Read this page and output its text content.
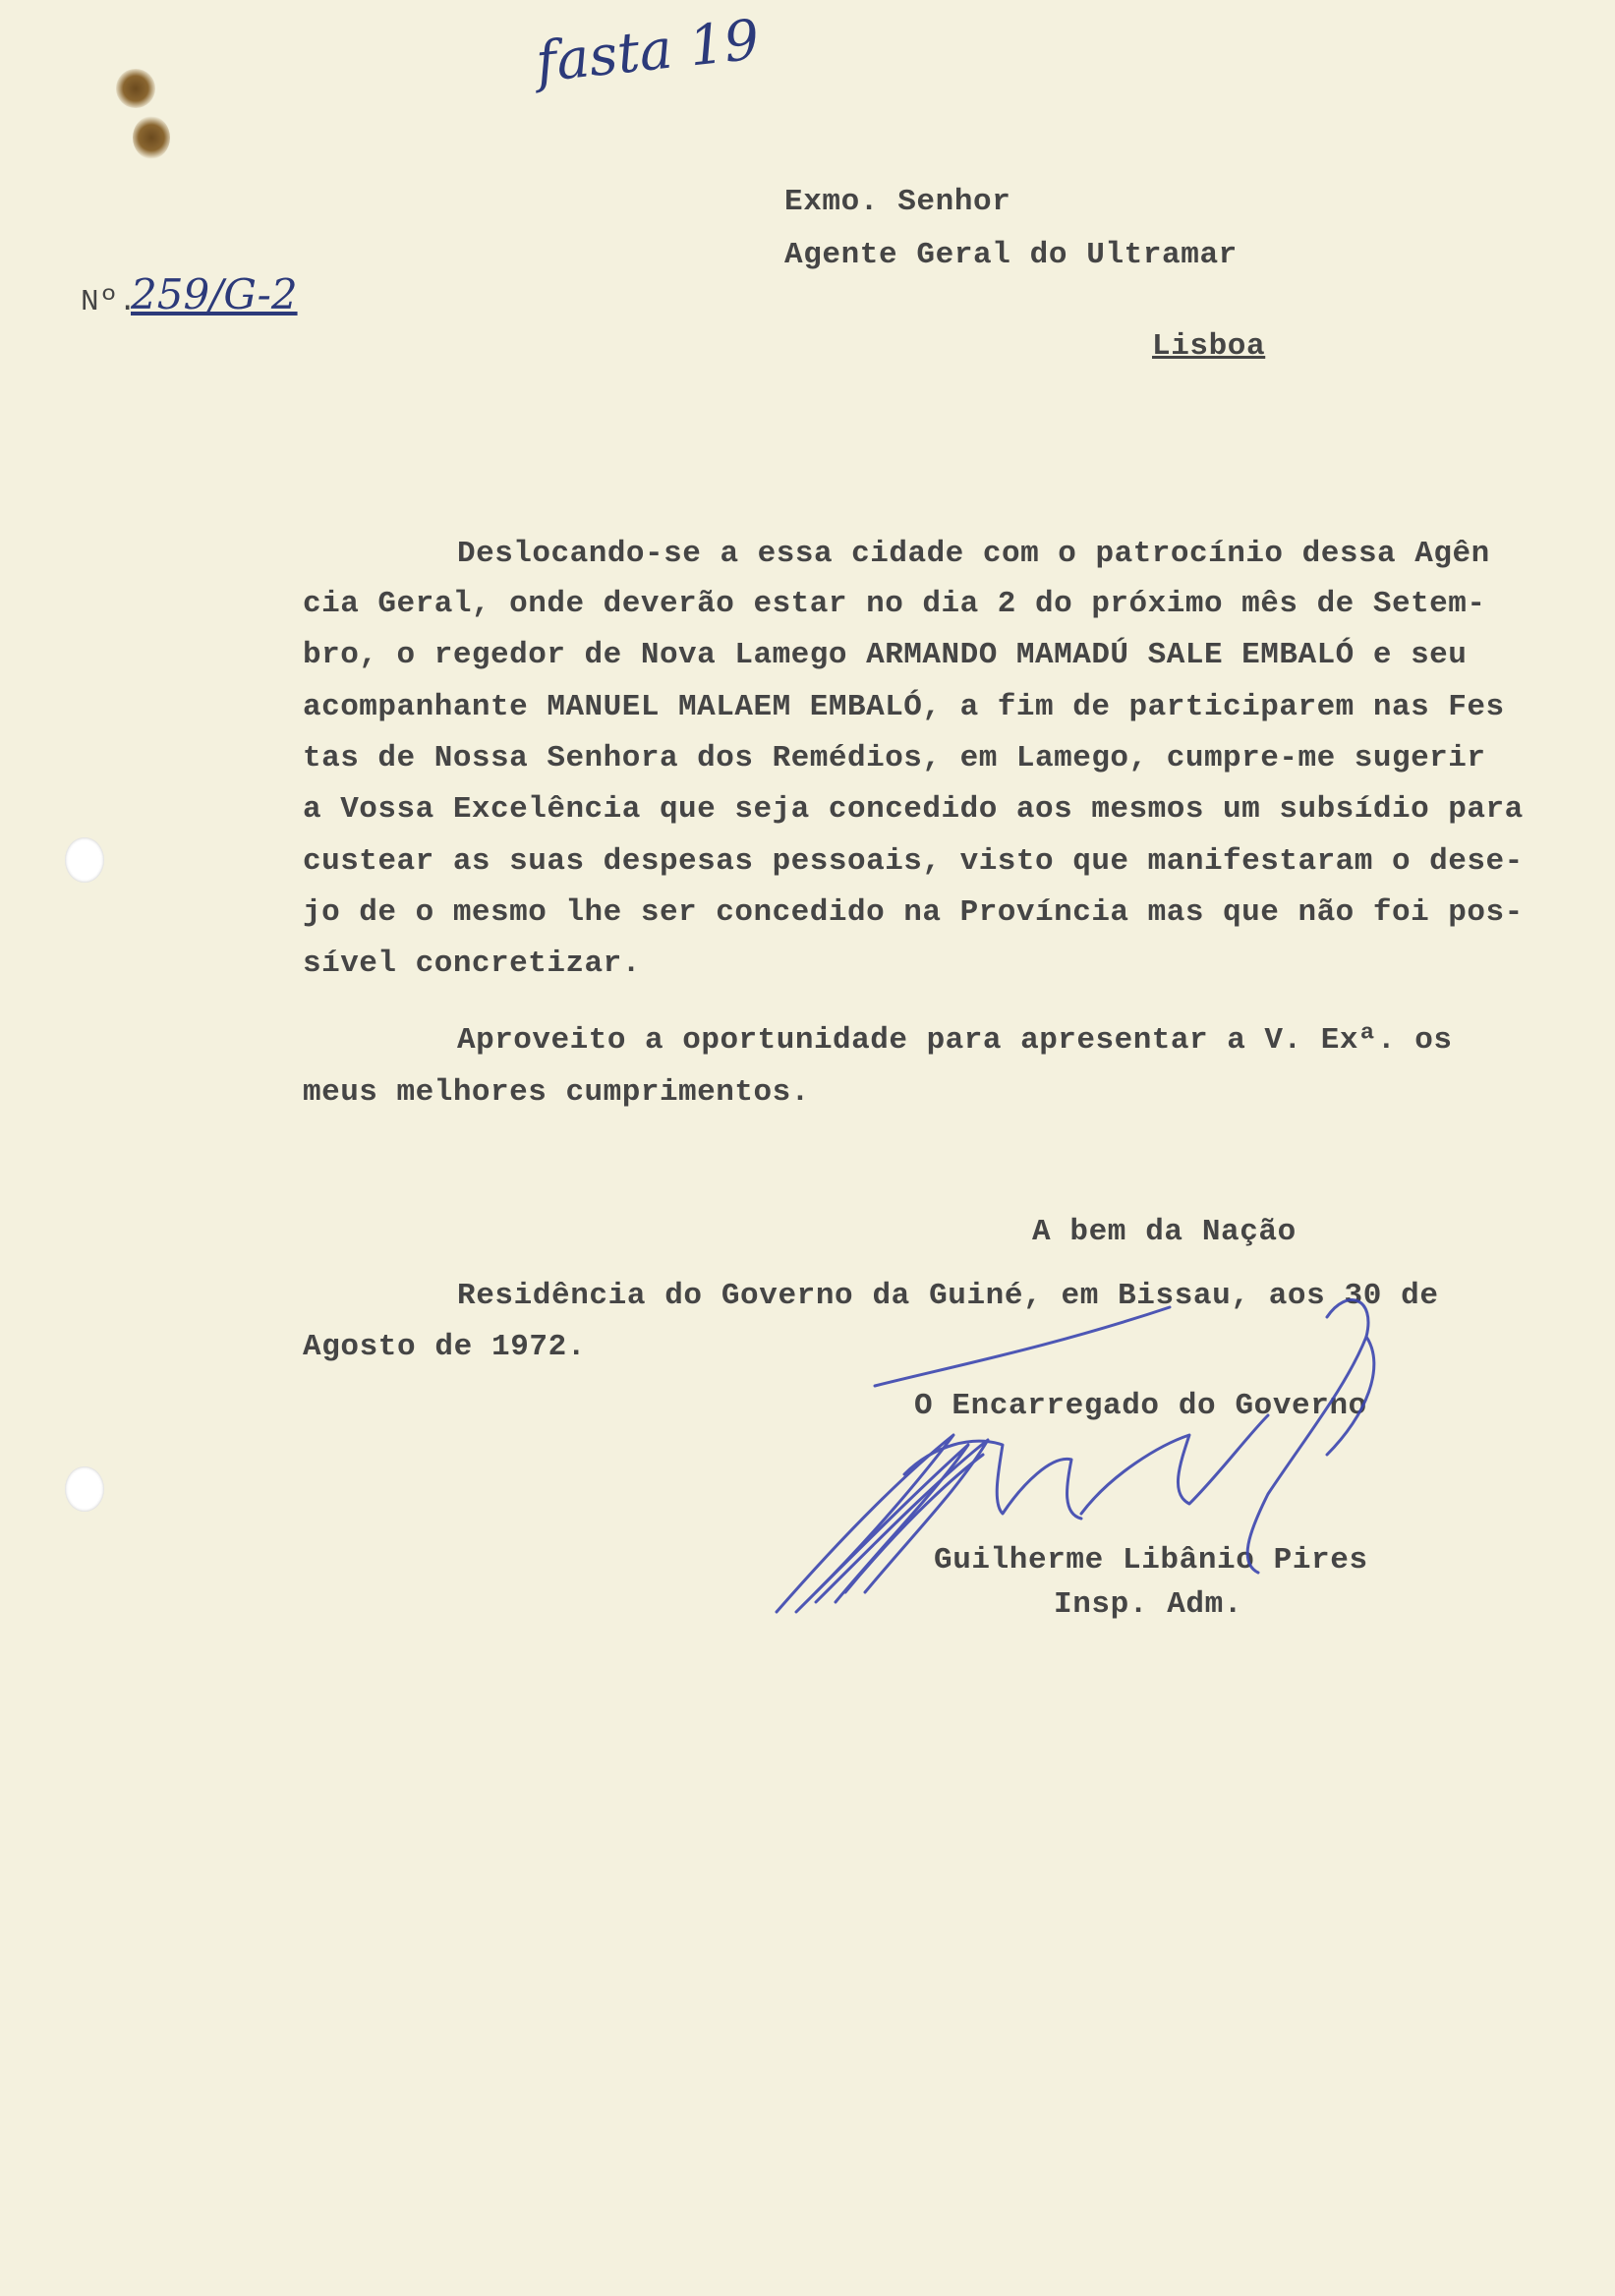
fasta 19
Nº.
259/G-2
Exmo. Senhor
Agente Geral do Ultramar
Lisboa
Deslocando-se a essa cidade com o patrocínio dessa Agên
cia Geral, onde deverão estar no dia 2 do próximo mês de Setem-
bro, o regedor de Nova Lamego ARMANDO MAMADÚ SALE EMBALÓ e seu
acompanhante MANUEL MALAEM EMBALÓ, a fim de participarem nas Fes
tas de Nossa Senhora dos Remédios, em Lamego, cumpre-me sugerir
a Vossa Excelência que seja concedido aos mesmos um subsídio para
custear as suas despesas pessoais, visto que manifestaram o dese-
jo de o mesmo lhe ser concedido na Província mas que não foi pos-
sível concretizar.
Aproveito a oportunidade para apresentar a V. Exª. os
meus melhores cumprimentos.
A bem da Nação
Residência do Governo da Guiné, em Bissau, aos 30 de
Agosto de 1972.
O Encarregado do Governo
Guilherme Libânio Pires
Insp. Adm.
